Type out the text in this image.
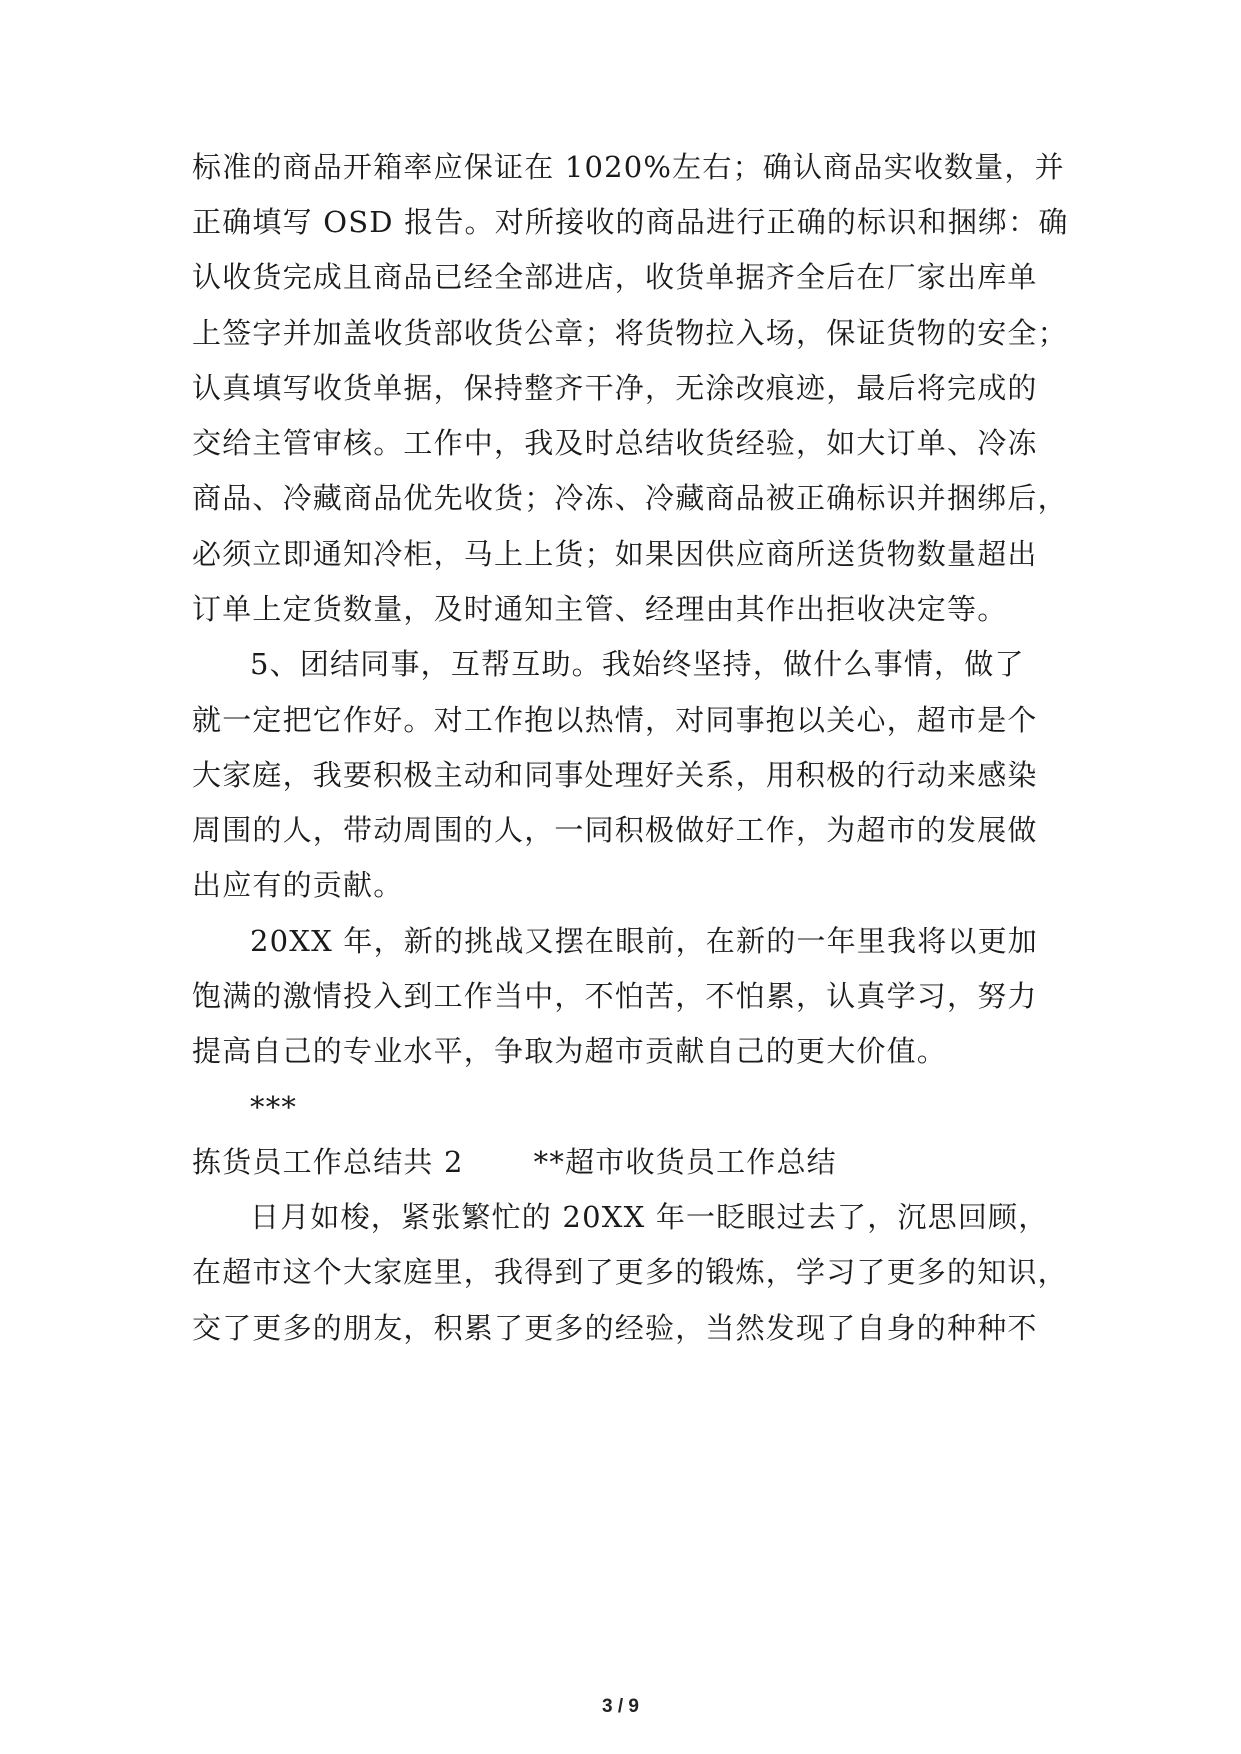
标准的商品开箱率应保证在 1020%左右；确认商品实收数量，并
正确填写 OSD 报告。对所接收的商品进行正确的标识和捆绑：确
认收货完成且商品已经全部进店，收货单据齐全后在厂家出库单
上签字并加盖收货部收货公章；将货物拉入场，保证货物的安全；
认真填写收货单据，保持整齐干净，无涂改痕迹，最后将完成的
交给主管审核。工作中，我及时总结收货经验，如大订单、冷冻
商品、冷藏商品优先收货；冷冻、冷藏商品被正确标识并捆绑后，
必须立即通知冷柜，马上上货；如果因供应商所送货物数量超出
订单上定货数量，及时通知主管、经理由其作出拒收决定等。
5、团结同事，互帮互助。我始终坚持，做什么事情，做了
就一定把它作好。对工作抱以热情，对同事抱以关心，超市是个
大家庭，我要积极主动和同事处理好关系，用积极的行动来感染
周围的人，带动周围的人，一同积极做好工作，为超市的发展做
出应有的贡献。
20XX 年，新的挑战又摆在眼前，在新的一年里我将以更加
饱满的激情投入到工作当中，不怕苦，不怕累，认真学习，努力
提高自己的专业水平，争取为超市贡献自己的更大价值。
***
拣货员工作总结共 2 **超市收货员工作总结
日月如梭，紧张繁忙的 20XX 年一眨眼过去了，沉思回顾，
在超市这个大家庭里，我得到了更多的锻炼，学习了更多的知识，
交了更多的朋友，积累了更多的经验，当然发现了自身的种种不
3 / 9
